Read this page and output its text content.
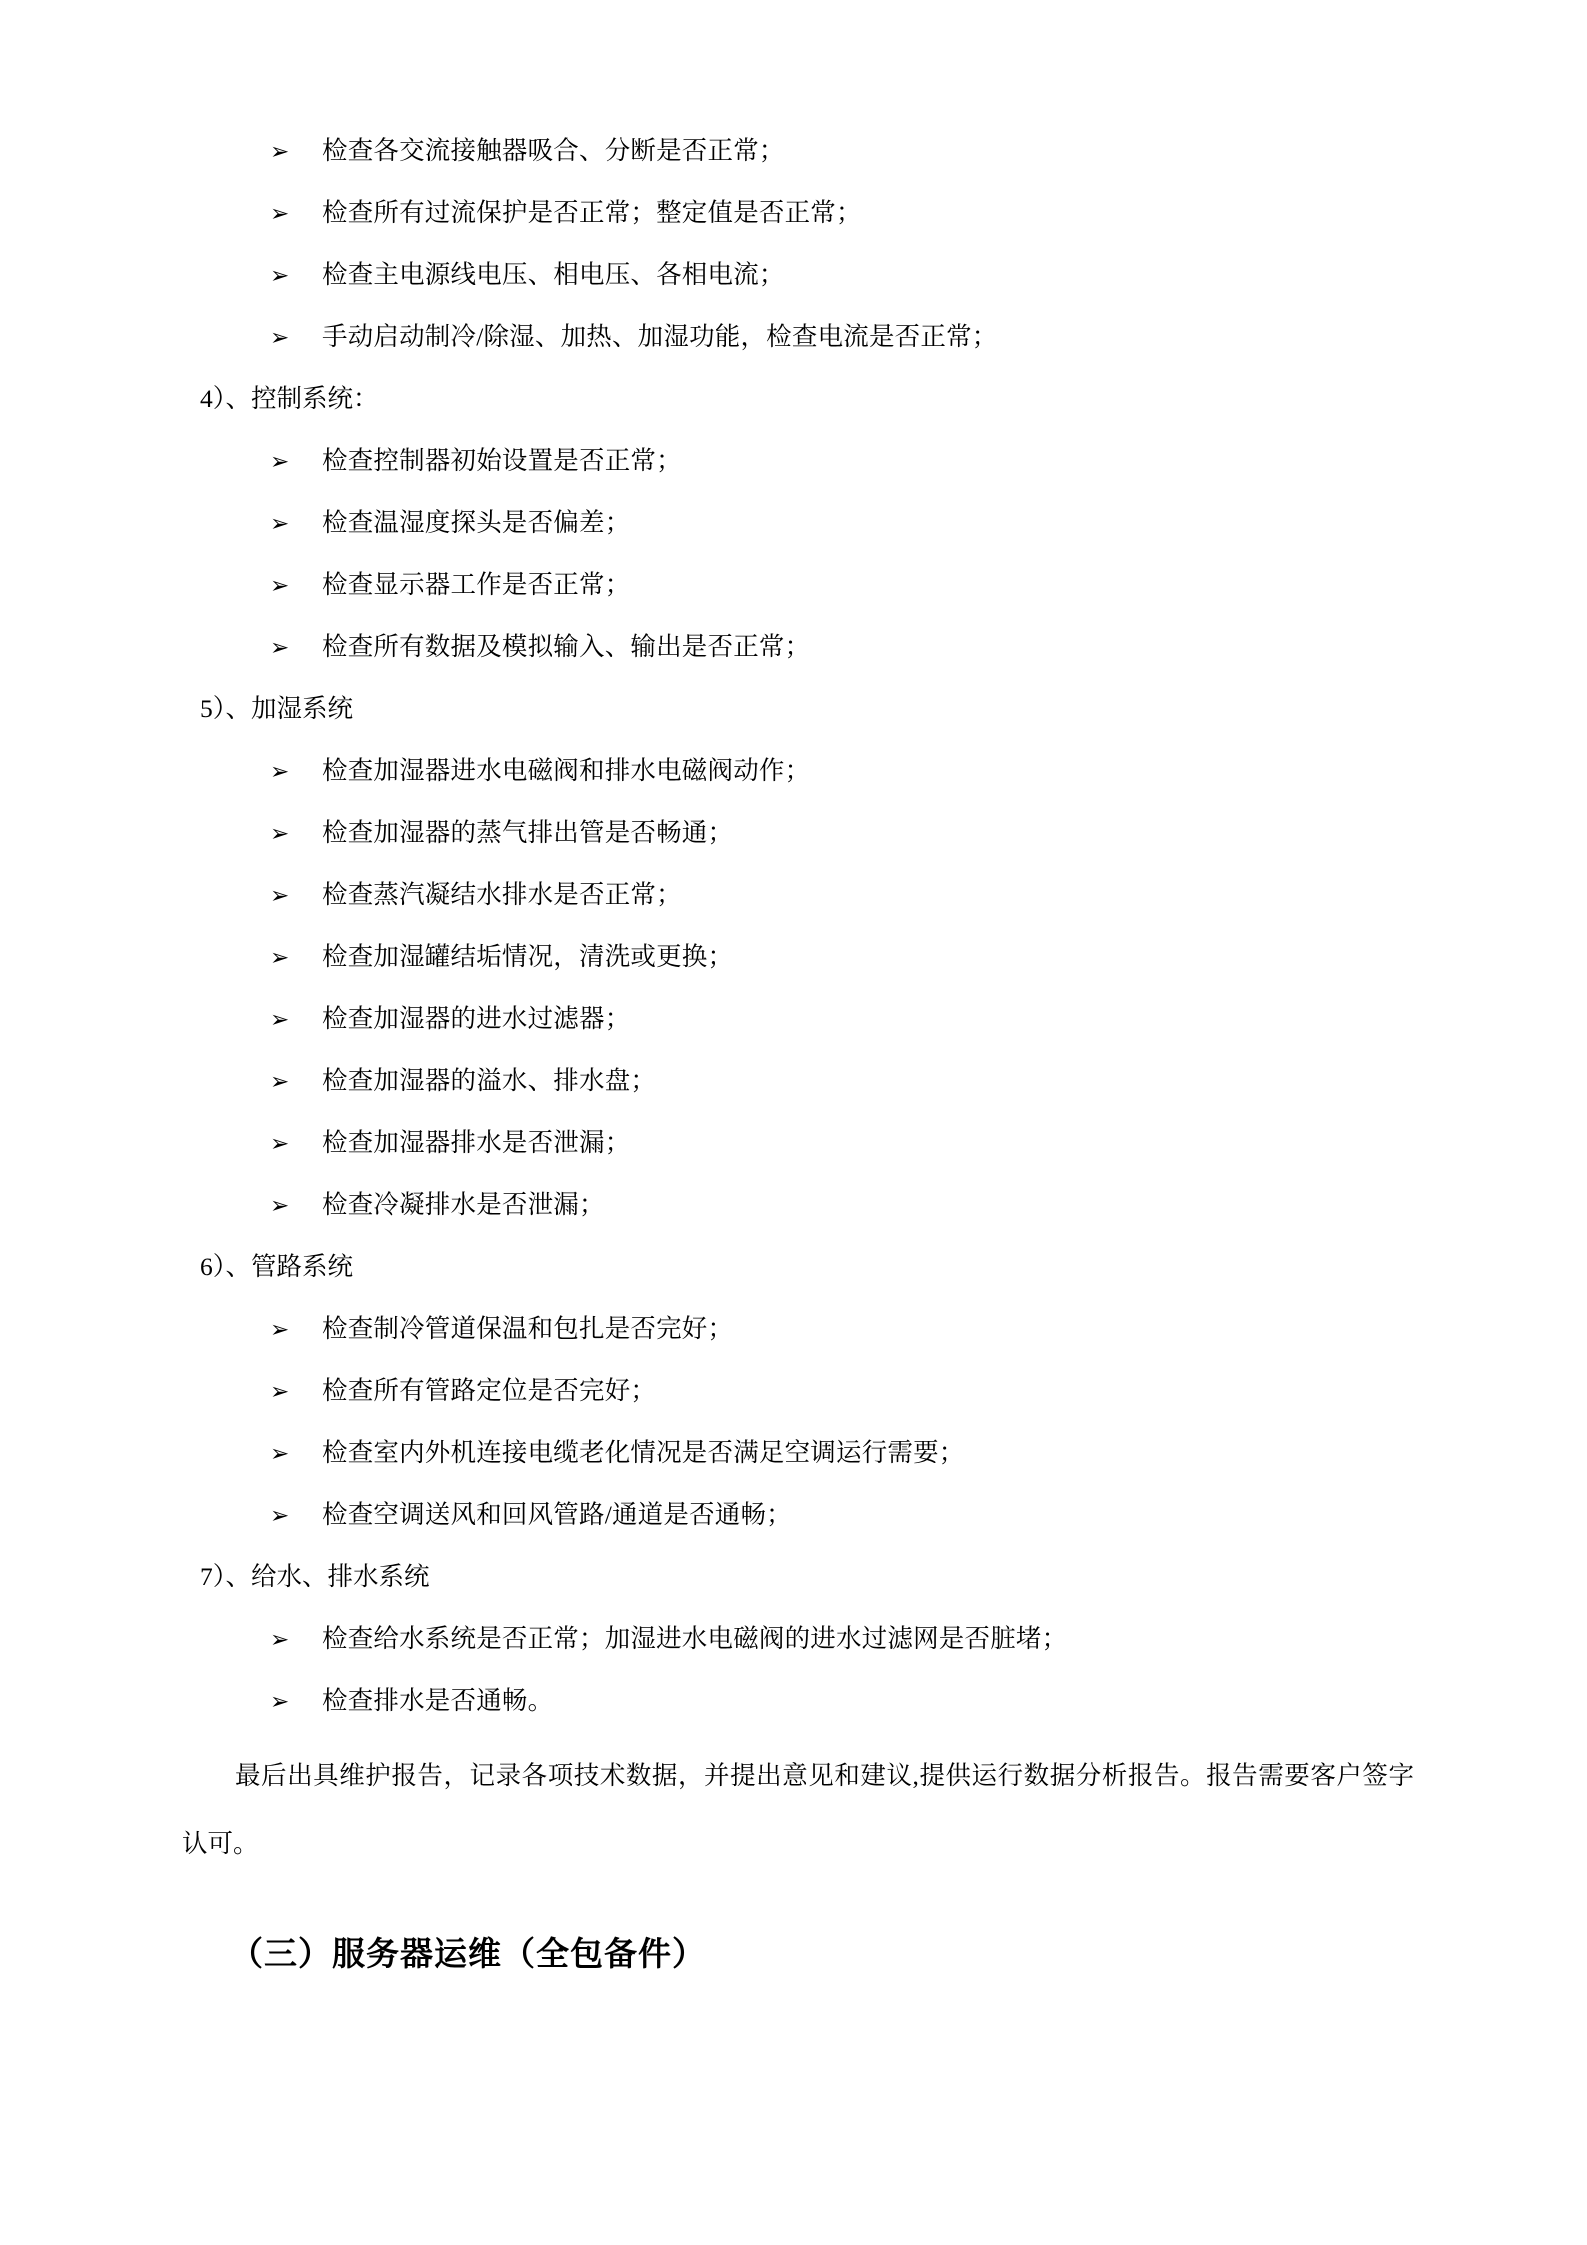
➢	检查各交流接触器吸合、分断是否正常；
➢	检查所有过流保护是否正常；整定值是否正常；
➢	检查主电源线电压、相电压、各相电流；
➢	手动启动制冷/除湿、加热、加湿功能，检查电流是否正常；
4）、控制系统：
➢	检查控制器初始设置是否正常；
➢	检查温湿度探头是否偏差；
➢	检查显示器工作是否正常；
➢	检查所有数据及模拟输入、输出是否正常；
5）、加湿系统
➢	检查加湿器进水电磁阀和排水电磁阀动作；
➢	检查加湿器的蒸气排出管是否畅通；
➢	检查蒸汽凝结水排水是否正常；
➢	检查加湿罐结垢情况，清洗或更换；
➢	检查加湿器的进水过滤器；
➢	检查加湿器的溢水、排水盘；
➢	检查加湿器排水是否泄漏；
➢	检查冷凝排水是否泄漏；
6）、管路系统
➢	检查制冷管道保温和包扎是否完好；
➢	检查所有管路定位是否完好；
➢	检查室内外机连接电缆老化情况是否满足空调运行需要；
➢	检查空调送风和回风管路/通道是否通畅；
7）、给水、排水系统
➢	检查给水系统是否正常；加湿进水电磁阀的进水过滤网是否脏堵；
➢	检查排水是否通畅。
最后出具维护报告，记录各项技术数据，并提出意见和建议,提供运行数据分析报告。报告需要客户签字认可。
（三）服务器运维（全包备件）
